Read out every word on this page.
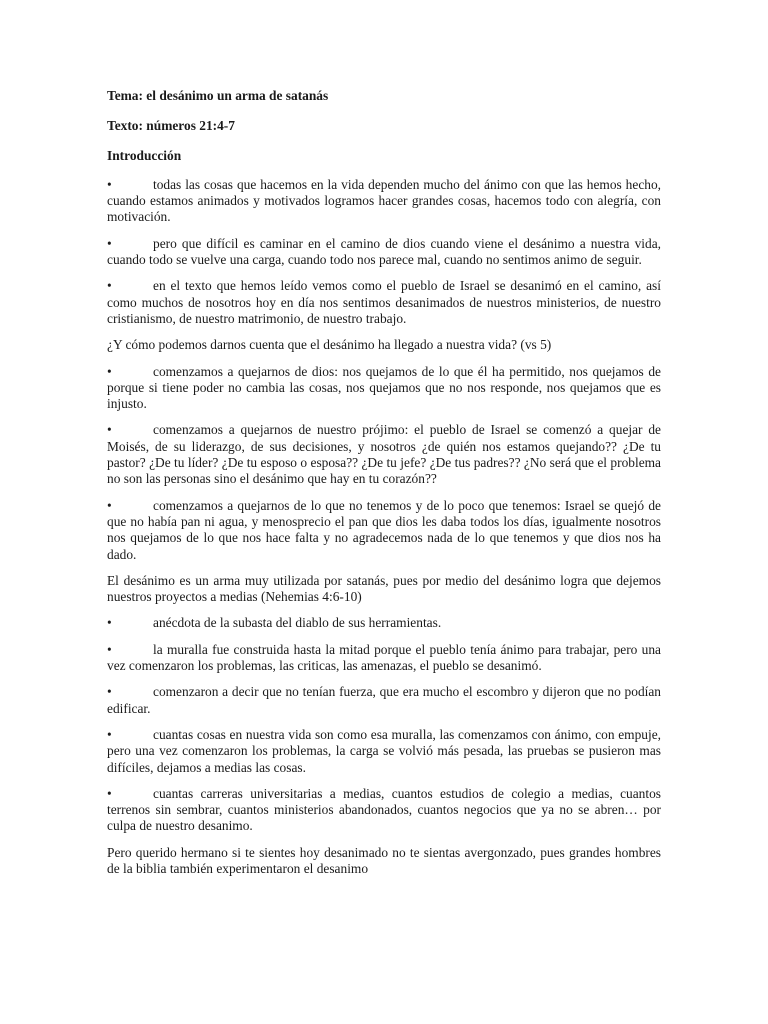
Tema: el desánimo un arma de satanás

Texto: números 21:4-7

Introducción

•	todas las cosas que hacemos en la vida dependen mucho del ánimo con que las hemos hecho, cuando estamos animados y motivados logramos hacer grandes cosas, hacemos todo con alegría, con motivación.

•	pero que difícil es caminar en el camino de dios cuando viene el desánimo a nuestra vida, cuando todo se vuelve una carga, cuando todo nos parece mal, cuando no sentimos animo de seguir.

•	en el texto que hemos leído vemos como el pueblo de Israel se desanimó en el camino, así como muchos de nosotros hoy en día nos sentimos desanimados de nuestros ministerios, de nuestro cristianismo, de nuestro matrimonio, de nuestro trabajo.

¿Y cómo podemos darnos cuenta que el desánimo ha llegado a nuestra vida? (vs 5)

•	comenzamos a quejarnos de dios: nos quejamos de lo que él ha permitido, nos quejamos de porque si tiene poder no cambia las cosas, nos quejamos que no nos responde, nos quejamos que es injusto.

•	comenzamos a quejarnos de nuestro prójimo: el pueblo de Israel se comenzó a quejar de Moisés, de su liderazgo, de sus decisiones, y nosotros ¿de quién nos estamos quejando?? ¿De tu pastor? ¿De tu líder? ¿De tu esposo o esposa?? ¿De tu jefe? ¿De tus padres?? ¿No será que el problema no son las personas sino el desánimo que hay en tu corazón??

•	comenzamos a quejarnos de lo que no tenemos y de lo poco que tenemos: Israel se quejó de que no había pan ni agua, y menosprecio el pan que dios les daba todos los días, igualmente nosotros nos quejamos de lo que nos hace falta y no agradecemos nada de lo que tenemos y que dios nos ha dado.

El desánimo es un arma muy utilizada por satanás, pues por medio del desánimo logra que dejemos nuestros proyectos a medias (Nehemias 4:6-10)

•	anécdota de la subasta del diablo de sus herramientas.

•	la muralla fue construida hasta la mitad porque el pueblo tenía ánimo para trabajar, pero una vez comenzaron los problemas, las criticas, las amenazas, el pueblo se desanimó.

•	comenzaron a decir que no tenían fuerza, que era mucho el escombro y dijeron que no podían edificar.

•	cuantas cosas en nuestra vida son como esa muralla, las comenzamos con ánimo, con empuje, pero una vez comenzaron los problemas, la carga se volvió más pesada, las pruebas se pusieron mas difíciles, dejamos a medias las cosas.

•	cuantas carreras universitarias a medias, cuantos estudios de colegio a medias, cuantos terrenos sin sembrar, cuantos ministerios abandonados, cuantos negocios que ya no se abren… por culpa de nuestro desanimo.

Pero querido hermano si te sientes hoy desanimado no te sientas avergonzado, pues grandes hombres de la biblia también experimentaron el desanimo
